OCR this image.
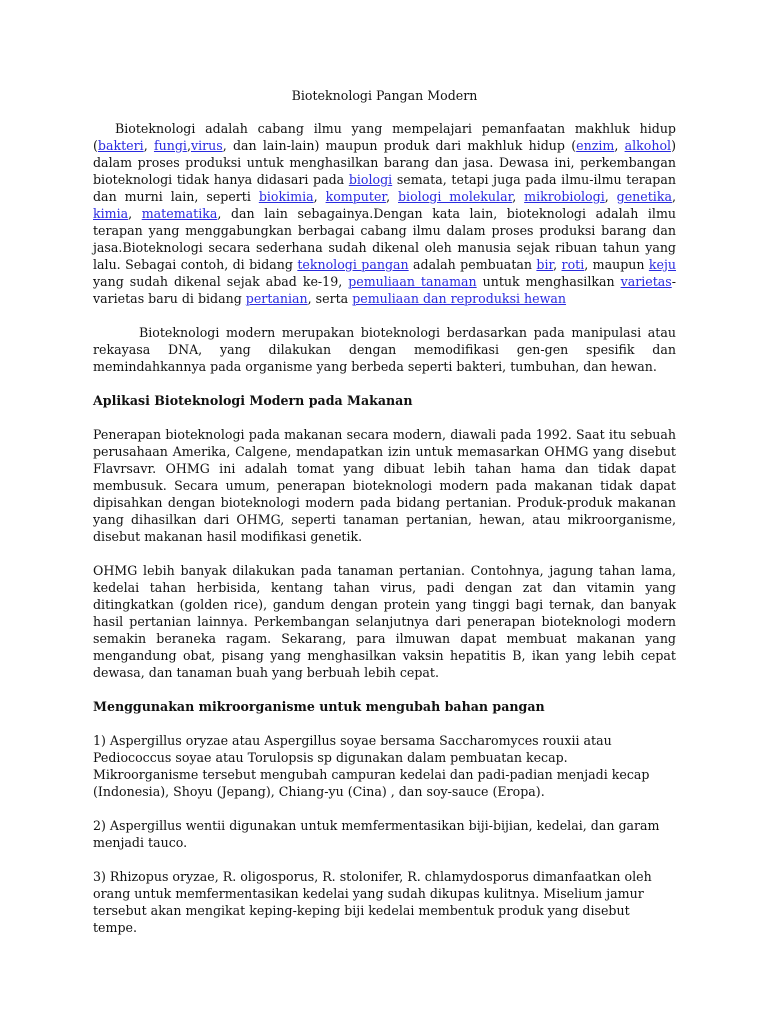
Bioteknologi Pangan Modern

Bioteknologi adalah cabang ilmu yang mempelajari pemanfaatan makhluk hidup (bakteri, fungi,virus, dan lain-lain) maupun produk dari makhluk hidup (enzim, alkohol) dalam proses produksi untuk menghasilkan barang dan jasa. Dewasa ini, perkembangan bioteknologi tidak hanya didasari pada biologi semata, tetapi juga pada ilmu-ilmu terapan dan murni lain, seperti biokimia, komputer, biologi molekular, mikrobiologi, genetika, kimia, matematika, dan lain sebagainya.Dengan kata lain, bioteknologi adalah ilmu terapan yang menggabungkan berbagai cabang ilmu dalam proses produksi barang dan jasa.Bioteknologi secara sederhana sudah dikenal oleh manusia sejak ribuan tahun yang lalu. Sebagai contoh, di bidang teknologi pangan adalah pembuatan bir, roti, maupun keju yang sudah dikenal sejak abad ke-19, pemuliaan tanaman untuk menghasilkan varietas-varietas baru di bidang pertanian, serta pemuliaan dan reproduksi hewan

Bioteknologi modern merupakan bioteknologi berdasarkan pada manipulasi atau rekayasa DNA, yang dilakukan dengan memodifikasi gen-gen spesifik dan memindahkannya pada organisme yang berbeda seperti bakteri, tumbuhan, dan hewan.

Aplikasi Bioteknologi Modern pada Makanan

Penerapan bioteknologi pada makanan secara modern, diawali pada 1992. Saat itu sebuah perusahaan Amerika, Calgene, mendapatkan izin untuk memasarkan OHMG yang disebut Flavrsavr. OHMG ini adalah tomat yang dibuat lebih tahan hama dan tidak dapat membusuk. Secara umum, penerapan bioteknologi modern pada makanan tidak dapat dipisahkan dengan bioteknologi modern pada bidang pertanian. Produk-produk makanan yang dihasilkan dari OHMG, seperti tanaman pertanian, hewan, atau mikroorganisme, disebut makanan hasil modifikasi genetik.

OHMG lebih banyak dilakukan pada tanaman pertanian. Contohnya, jagung tahan lama, kedelai tahan herbisida, kentang tahan virus, padi dengan zat dan vitamin yang ditingkatkan (golden rice), gandum dengan protein yang tinggi bagi ternak, dan banyak hasil pertanian lainnya. Perkembangan selanjutnya dari penerapan bioteknologi modern semakin beraneka ragam. Sekarang, para ilmuwan dapat membuat makanan yang mengandung obat, pisang yang menghasilkan vaksin hepatitis B, ikan yang lebih cepat dewasa, dan tanaman buah yang berbuah lebih cepat.

Menggunakan mikroorganisme untuk mengubah bahan pangan

1) Aspergillus oryzae atau Aspergillus soyae bersama Saccharomyces rouxii atau Pediococcus soyae atau Torulopsis sp digunakan dalam pembuatan kecap. Mikroorganisme tersebut mengubah campuran kedelai dan padi-padian menjadi kecap (Indonesia), Shoyu (Jepang), Chiang-yu (Cina) , dan soy-sauce (Eropa).

2) Aspergillus wentii digunakan untuk memfermentasikan biji-bijian, kedelai, dan garam menjadi tauco.

3) Rhizopus oryzae, R. oligosporus, R. stolonifer, R. chlamydosporus dimanfaatkan oleh orang untuk memfermentasikan kedelai yang sudah dikupas kulitnya. Miselium jamur tersebut akan mengikat keping-keping biji kedelai membentuk produk yang disebut tempe.
